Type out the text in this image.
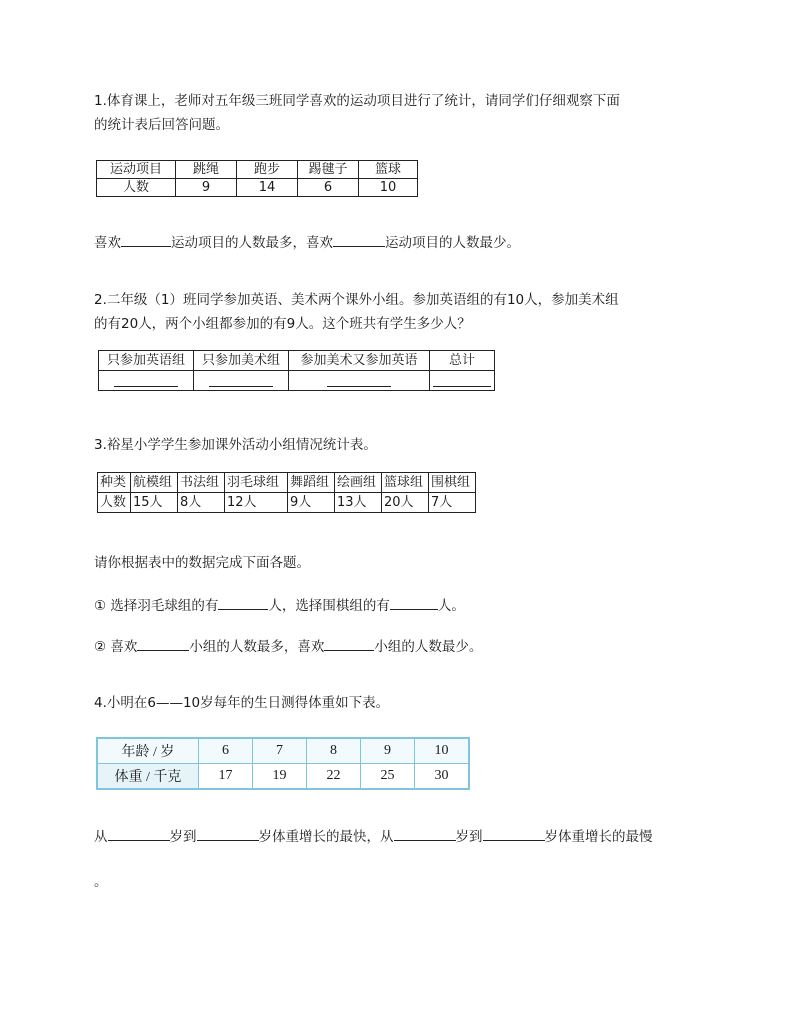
1.体育课上，老师对五年级三班同学喜欢的运动项目进行了统计，请同学们仔细观察下面

的统计表后回答问题。

运动项目	跳绳	跑步	踢毽子	篮球
人数	9	14	6	10

喜欢	运动项目的人数最多，喜欢	运动项目的人数最少。

2.二年级（1）班同学参加英语、美术两个课外小组。参加英语组的有10人，参加美术组

的有20人，两个小组都参加的有9人。这个班共有学生多少人？

只参加英语组	只参加美术组	参加美术又参加英语	总计

3.裕星小学学生参加课外活动小组情况统计表。

种类	航模组	书法组	羽毛球组	舞蹈组	绘画组	篮球组	围棋组
人数	15人	8人	12人	9人	13人	20人	7人

请你根据表中的数据完成下面各题。

① 选择羽毛球组的有	人，选择围棋组的有	人。

② 喜欢	小组的人数最多，喜欢	小组的人数最少。

4.小明在6——10岁每年的生日测得体重如下表。

年龄 / 岁	6	7	8	9	10
体重 / 千克	17	19	22	25	30

从	岁到	岁体重增长的最快，从	岁到	岁体重增长的最慢

。
